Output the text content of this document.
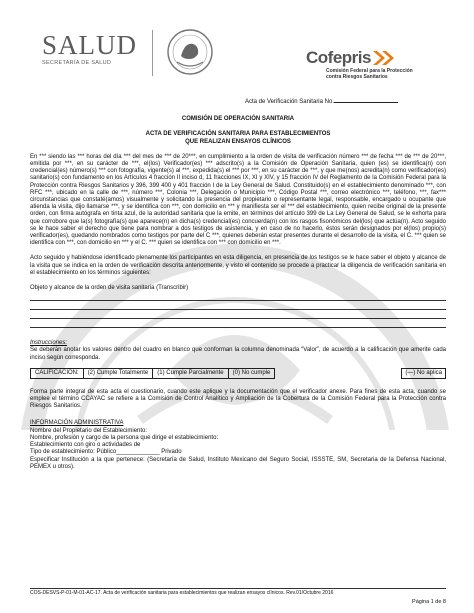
SALUD
SECRETARÍA DE SALUD	Cofepris
Comisión Federal para la Protección
contra Riesgos Sanitarios
Acta de Verificación Sanitaria No.
COMISIÓN DE OPERACIÓN SANITARIA
ACTA DE VERIFICACIÓN SANITARIA PARA ESTABLECIMIENTOS
QUE REALIZAN ENSAYOS CLÍNICOS
En *** siendo las *** horas del día *** del mes de *** de 20***, en cumplimiento a la orden de visita de verificación número *** de fecha *** de *** de 20***, emitida por ***, en su carácter de ***, el(los) Verificador(es) *** adscrito(s) a la Comisión de Operación Sanitaria, quien (es) se identifica(n) con credencial(es) número(s) *** con fotografía, vigente(s) al ***, expedida(s) el *** por ***, en su carácter de ***, y que me(nos) acredita(n) como verificador(es) sanitario(s) con fundamento en los Artículos 4 fracción II inciso d, 11 fracciones IX, XI y XIV, y 15 fracción IV del Reglamento de la Comisión Federal para la Protección contra Riesgos Sanitarios y 396, 399 400 y 401 fracción I de la Ley General de Salud. Constituido(s) en el establecimiento denominado ***, con RFC ***, ubicado en la calle de ***, número ***, Colonia ***, Delegación o Municipio ***, Código Postal ***, correo electrónico ***, teléfono, ***, fax*** circunstancias que constaté(amos) visualmente y solicitando la presencia del propietario o representante legal, responsable, encargado u ocupante que atienda la visita, dijo llamarse ***, y se identifica con ***, con domicilio en *** y manifiesta ser el *** del establecimiento, quien recibe original de la presente orden, con firma autógrafa en tinta azul, de la autoridad sanitaria que la emite, en términos del artículo 399 de La Ley General de Salud, se le exhorta para que corrobore que la(s) fotografía(s) que aparece(n) en dicha(s) credencial(es) concuerda(n) con los rasgos fisonómicos del(los) que actúa(n). Acto seguido se le hace saber el derecho que tiene para nombrar a dos testigos de asistencia, y en caso de no hacerlo, éstos serán designados por el(los) propio(s) verificador(es), quedando nombrados como testigos por parte del C ***, quienes deberán estar presentes durante el desarrollo de la visita, el C. *** quien se identifica con ***, con domicilio en *** y el C. *** quien se identifica con *** con domicilio en ***.
Acto seguido y habiéndose identificado plenamente los participantes en esta diligencia, en presencia de los testigos se le hace saber el objeto y alcance de la visita que se indica en la orden de verificación descrita anteriormente, y visto el contenido se procede a practicar la diligencia de verificación sanitaria en el establecimiento en los términos siguientes:
Objeto y alcance de la orden de visita sanitaria (Transcribir)
Instrucciones:
Se deberán anotar los valores dentro del cuadro en blanco que conforman la columna denominada “Valor”, de acuerdo a la calificación que amerite cada inciso según corresponda.
CALIFICACIÓN:	(2) Cumple Totalmente	(1) Cumple Parcialmente	(0) No cumple	(—) No aplica
Forma parte integral de esta acta el cuestionario, cuando este aplique y la documentación que el verificador anexe. Para fines de esta acta, cuando se emplee el término CCAYAC se refiere a la Comisión de Control Analítico y Ampliación de la Cobertura de la Comisión Federal para la Protección contra Riesgos Sanitarios.
INFORMACIÓN ADMINISTRATIVA
Nombre del Propietario del Establecimiento:
Nombre, profesión y cargo de la persona que dirige el establecimiento:
Establecimiento con giro o actividades de
Tipo de establecimiento: Público_____________ Privado
Especificar Institución a la que pertenece: (Secretaría de Salud, Instituto Mexicano del Seguro Social, ISSSTE, SM, Secretaria de la Defensa Nacional, PEMEX u otros).
COS-DESVS-P-01-M-01-AC-17. Acta de verificación sanitaria para establecimientos que realizan ensayos clínicos. Rev.01/Octubre 2016
Página 1 de 8
